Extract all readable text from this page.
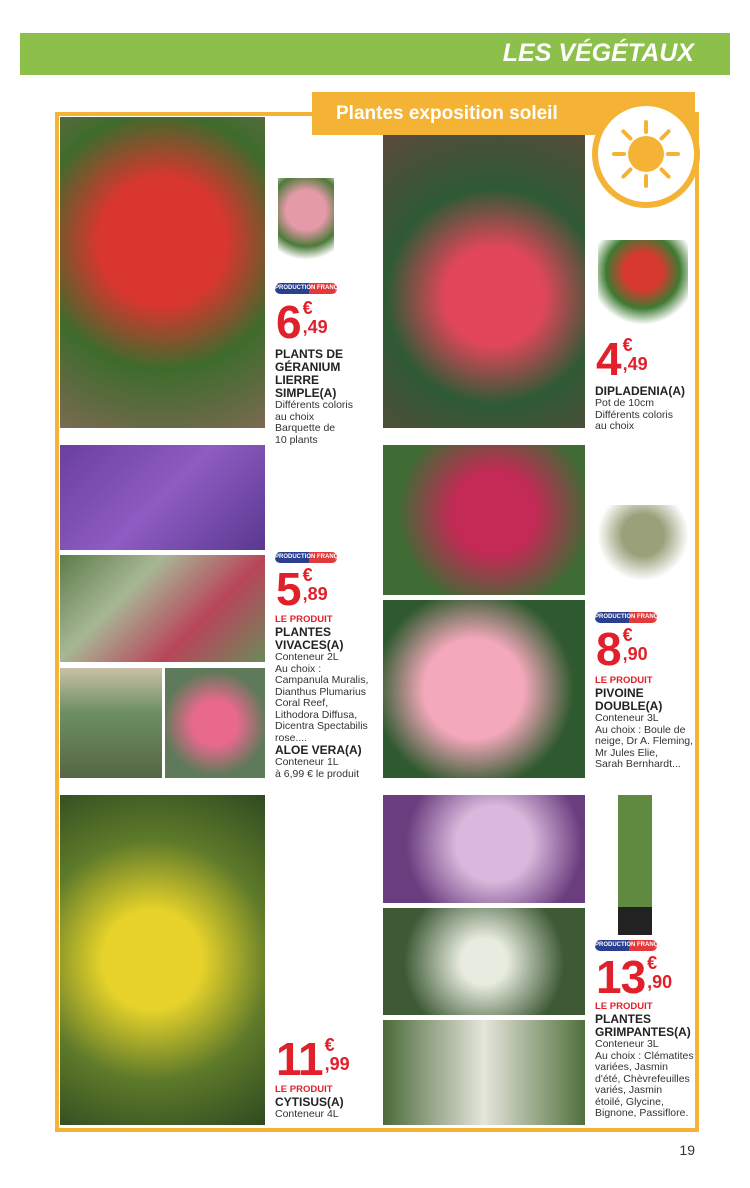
LES VÉGÉTAUX
Plantes exposition soleil
PRODUCTION FRANÇAISE
6 €
,49
PLANTS DE GÉRANIUM LIERRE SIMPLE(A)
Différents coloris
au choix
Barquette de
10 plants
4 €
,49
DIPLADENIA(A)
Pot de 10cm
Différents coloris
au choix
PRODUCTION FRANÇAISE
5 €
,89
LE PRODUIT
PLANTES VIVACES(A)
Conteneur 2L
Au choix :
Campanula Muralis,
Dianthus Plumarius
Coral Reef,
Lithodora Diffusa,
Dicentra Spectabilis
rose....
ALOE VERA(A)
Conteneur 1L
à 6,99 € le produit
PRODUCTION FRANÇAISE
8 €
,90
LE PRODUIT
PIVOINE DOUBLE(A)
Conteneur 3L
Au choix : Boule de
neige, Dr A. Fleming,
Mr Jules Elie,
Sarah Bernhardt...
PRODUCTION FRANÇAISE
13 €
,90
LE PRODUIT
PLANTES GRIMPANTES(A)
Conteneur 3L
Au choix : Clématites
variées, Jasmin
d'été, Chèvrefeuilles
variés, Jasmin
étoilé, Glycine,
Bignone, Passiflore.
11 €
,99
LE PRODUIT
CYTISUS(A)
Conteneur 4L
19
